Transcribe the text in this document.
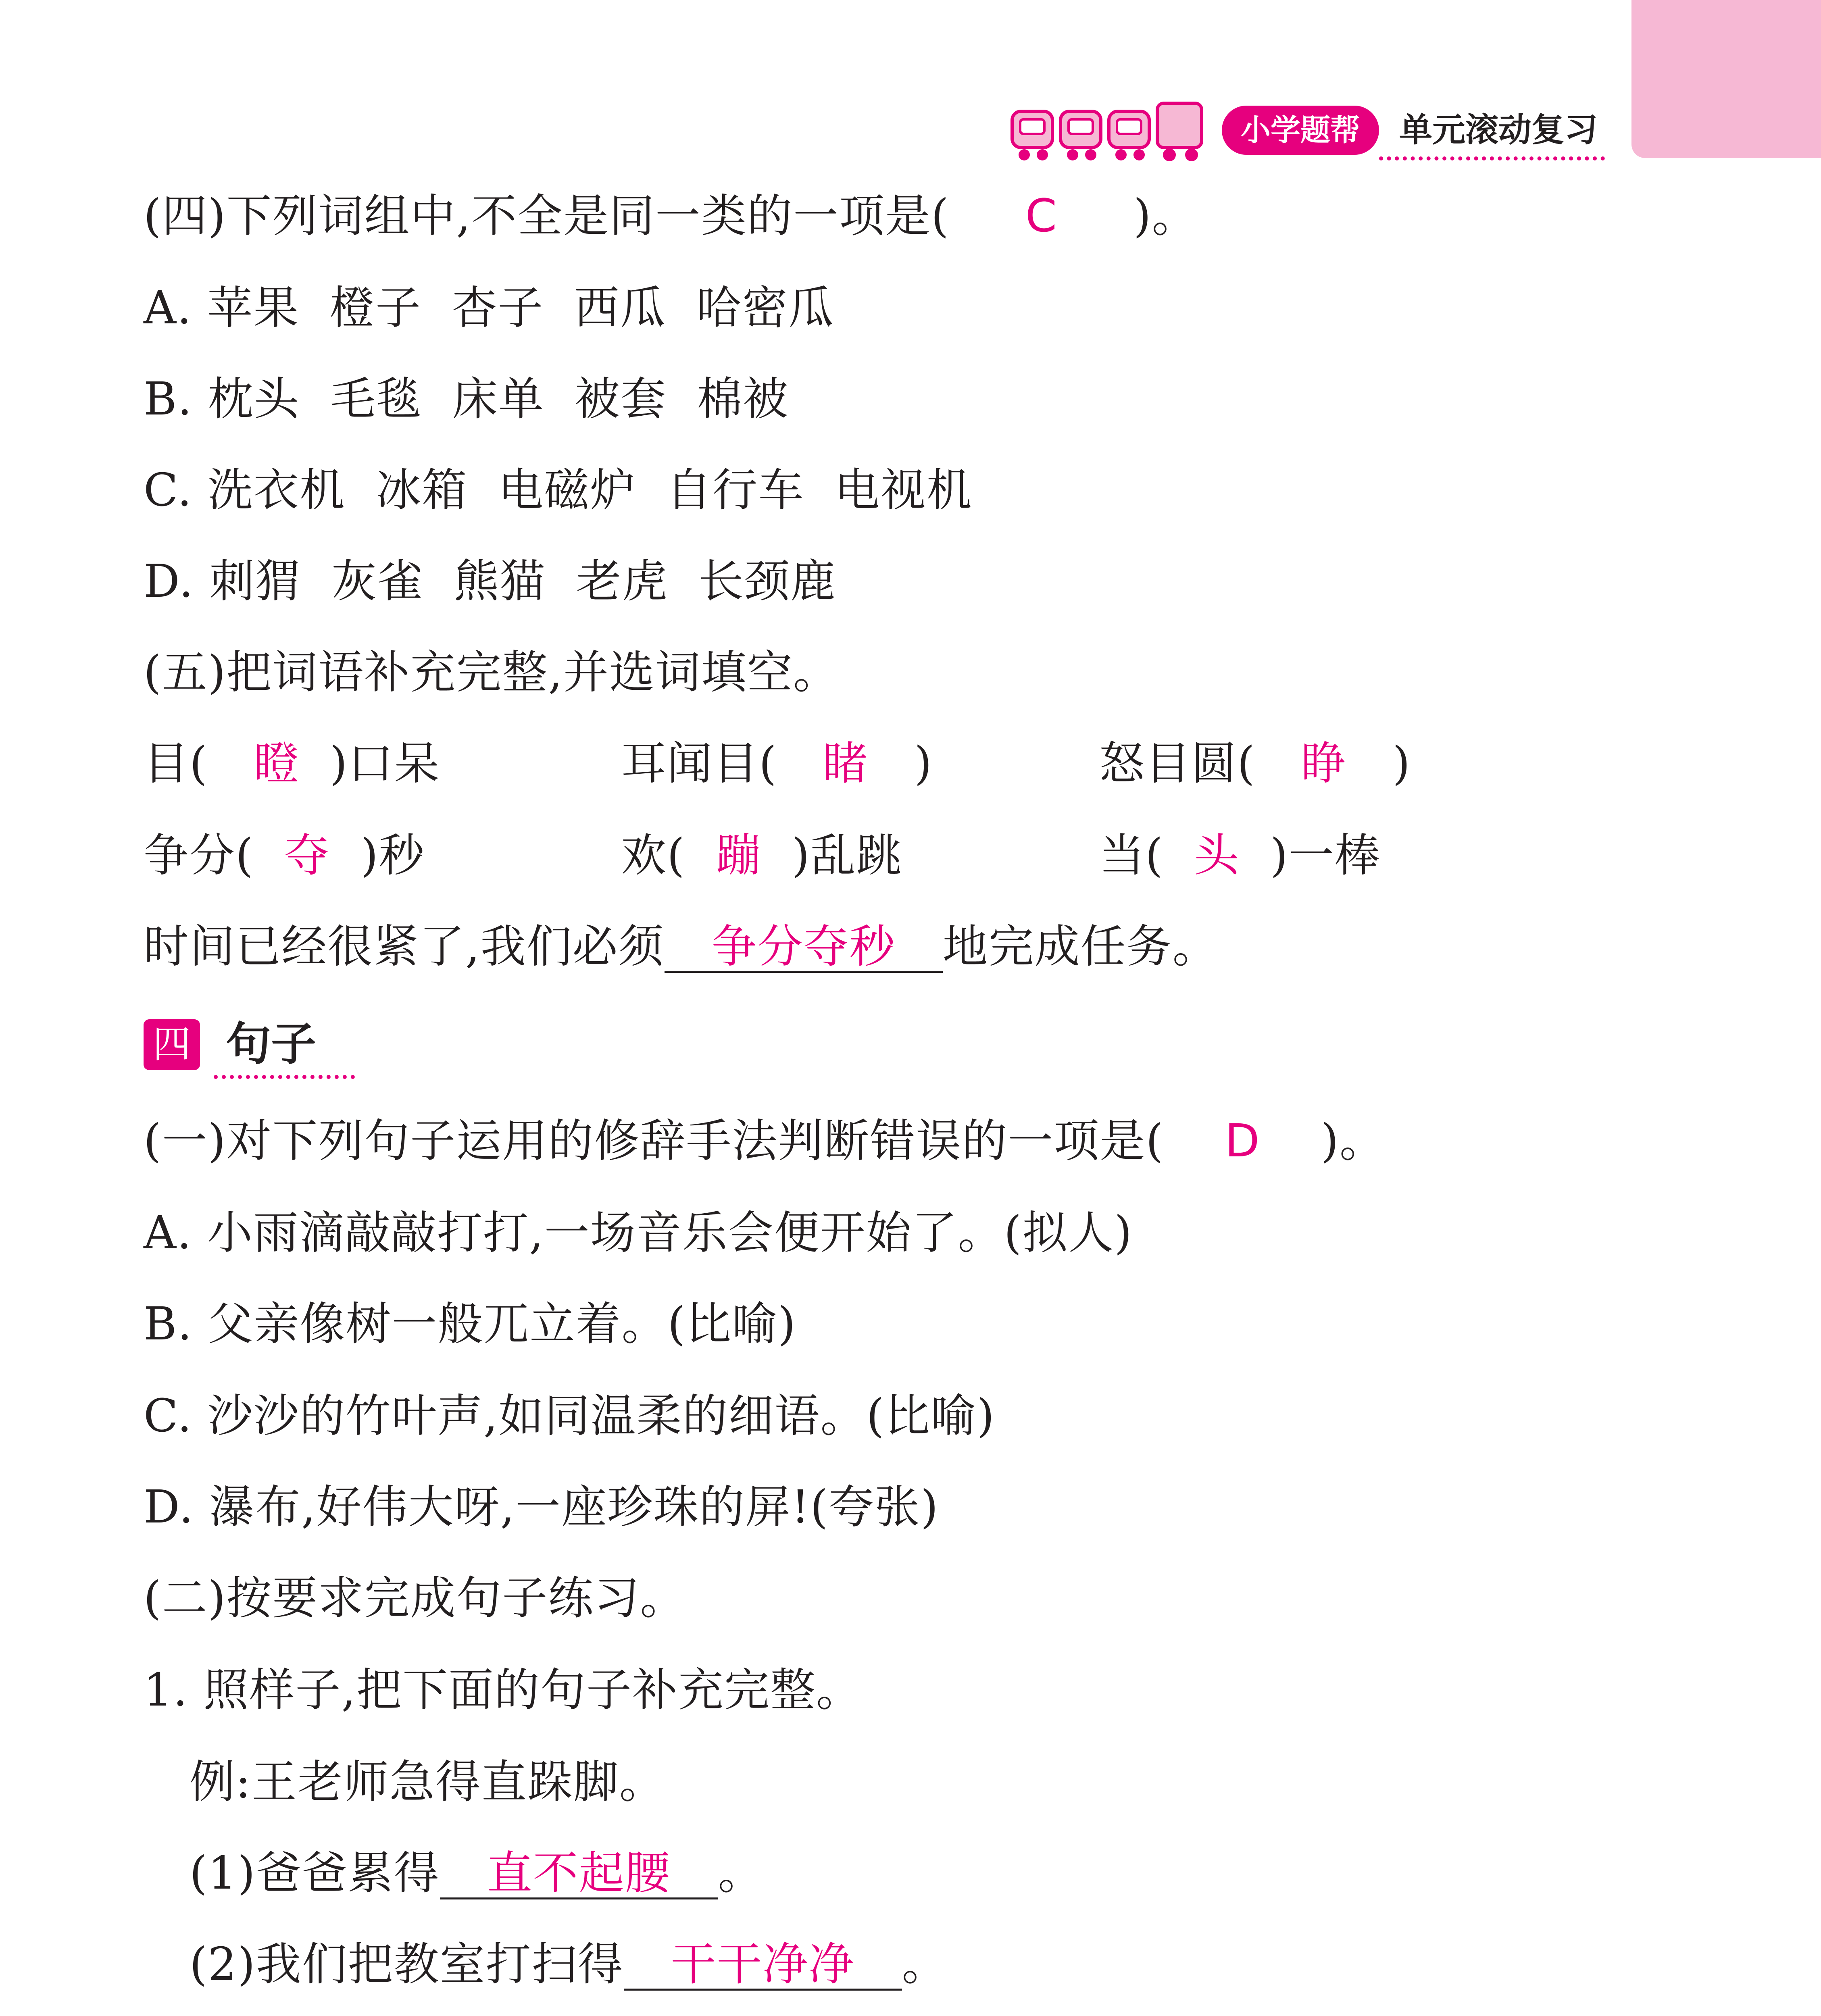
小学题帮	单元滚动复习
(四)下列词组中,不全是同一类的一项是( C )。
A. 苹果  橙子  杏子  西瓜  哈密瓜
B. 枕头  毛毯  床单  被套  棉被
C. 洗衣机  冰箱  电磁炉  自行车  电视机
D. 刺猬  灰雀  熊猫  老虎  长颈鹿
(五)把词语补充完整,并选词填空。
目( 瞪 )口呆	耳闻目( 睹 )	怒目圆( 睁 )
争分( 夺 )秒	欢( 蹦 )乱跳	当( 头 )一棒
时间已经很紧了,我们必须 争分夺秒 地完成任务。
四 句子
(一)对下列句子运用的修辞手法判断错误的一项是( D )。
A. 小雨滴敲敲打打,一场音乐会便开始了。(拟人)
B. 父亲像树一般兀立着。(比喻)
C. 沙沙的竹叶声,如同温柔的细语。(比喻)
D. 瀑布,好伟大呀,一座珍珠的屏!(夸张)
(二)按要求完成句子练习。
1. 照样子,把下面的句子补充完整。
例:王老师急得直跺脚。
(1)爸爸累得 直不起腰 。
(2)我们把教室打扫得 干干净净 。
